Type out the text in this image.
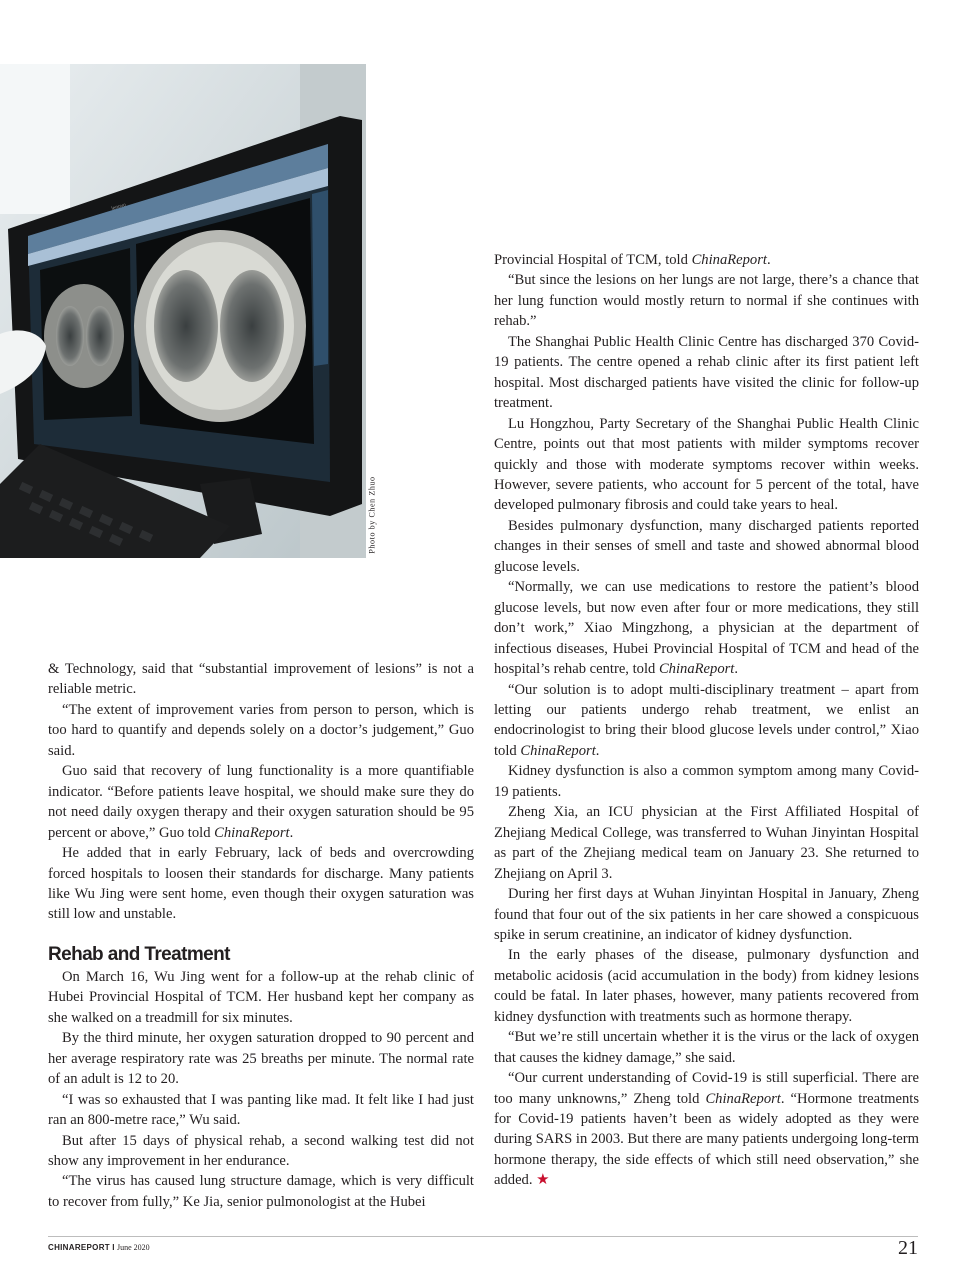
lenovo
Photo by Chen Zhuo

& Technology, said that “substantial improvement of lesions” is not a reliable metric.

“The extent of improvement varies from person to person, which is too hard to quantify and depends solely on a doctor’s judgement,” Guo said.

Guo said that recovery of lung functionality is a more quantifiable indicator. “Before patients leave hospital, we should make sure they do not need daily oxygen therapy and their oxygen saturation should be 95 percent or above,” Guo told ChinaReport.

He added that in early February, lack of beds and overcrowding forced hospitals to loosen their standards for discharge. Many patients like Wu Jing were sent home, even though their oxygen saturation was still low and unstable.

Rehab and Treatment

On March 16, Wu Jing went for a follow-up at the rehab clinic of Hubei Provincial Hospital of TCM. Her husband kept her company as she walked on a treadmill for six minutes.

By the third minute, her oxygen saturation dropped to 90 percent and her average respiratory rate was 25 breaths per minute. The normal rate of an adult is 12 to 20.

“I was so exhausted that I was panting like mad. It felt like I had just ran an 800-metre race,” Wu said.

But after 15 days of physical rehab, a second walking test did not show any improvement in her endurance.

“The virus has caused lung structure damage, which is very difficult to recover from fully,” Ke Jia, senior pulmonologist at the Hubei

Provincial Hospital of TCM, told ChinaReport.

“But since the lesions on her lungs are not large, there’s a chance that her lung function would mostly return to normal if she continues with rehab.”

The Shanghai Public Health Clinic Centre has discharged 370 Covid-19 patients. The centre opened a rehab clinic after its first patient left hospital. Most discharged patients have visited the clinic for follow-up treatment.

Lu Hongzhou, Party Secretary of the Shanghai Public Health Clinic Centre, points out that most patients with milder symptoms recover quickly and those with moderate symptoms recover within weeks. However, severe patients, who account for 5 percent of the total, have developed pulmonary fibrosis and could take years to heal.

Besides pulmonary dysfunction, many discharged patients reported changes in their senses of smell and taste and showed abnormal blood glucose levels.

“Normally, we can use medications to restore the patient’s blood glucose levels, but now even after four or more medications, they still don’t work,” Xiao Mingzhong, a physician at the department of infectious diseases, Hubei Provincial Hospital of TCM and head of the hospital’s rehab centre, told ChinaReport.

“Our solution is to adopt multi-disciplinary treatment – apart from letting our patients undergo rehab treatment, we enlist an endocrinologist to bring their blood glucose levels under control,” Xiao told ChinaReport.

Kidney dysfunction is also a common symptom among many Covid-19 patients.

Zheng Xia, an ICU physician at the First Affiliated Hospital of Zhejiang Medical College, was transferred to Wuhan Jinyintan Hospital as part of the Zhejiang medical team on January 23. She returned to Zhejiang on April 3.

During her first days at Wuhan Jinyintan Hospital in January, Zheng found that four out of the six patients in her care showed a conspicuous spike in serum creatinine, an indicator of kidney dysfunction.

In the early phases of the disease, pulmonary dysfunction and metabolic acidosis (acid accumulation in the body) from kidney lesions could be fatal. In later phases, however, many patients recovered from kidney dysfunction with treatments such as hormone therapy.

“But we’re still uncertain whether it is the virus or the lack of oxygen that causes the kidney damage,” she said.

“Our current understanding of Covid-19 is still superficial. There are too many unknowns,” Zheng told ChinaReport. “Hormone treatments for Covid-19 patients haven’t been as widely adopted as they were during SARS in 2003. But there are many patients undergoing long-term hormone therapy, the side effects of which still need observation,” she added. ★

CHINAREPORT I June 2020	21
